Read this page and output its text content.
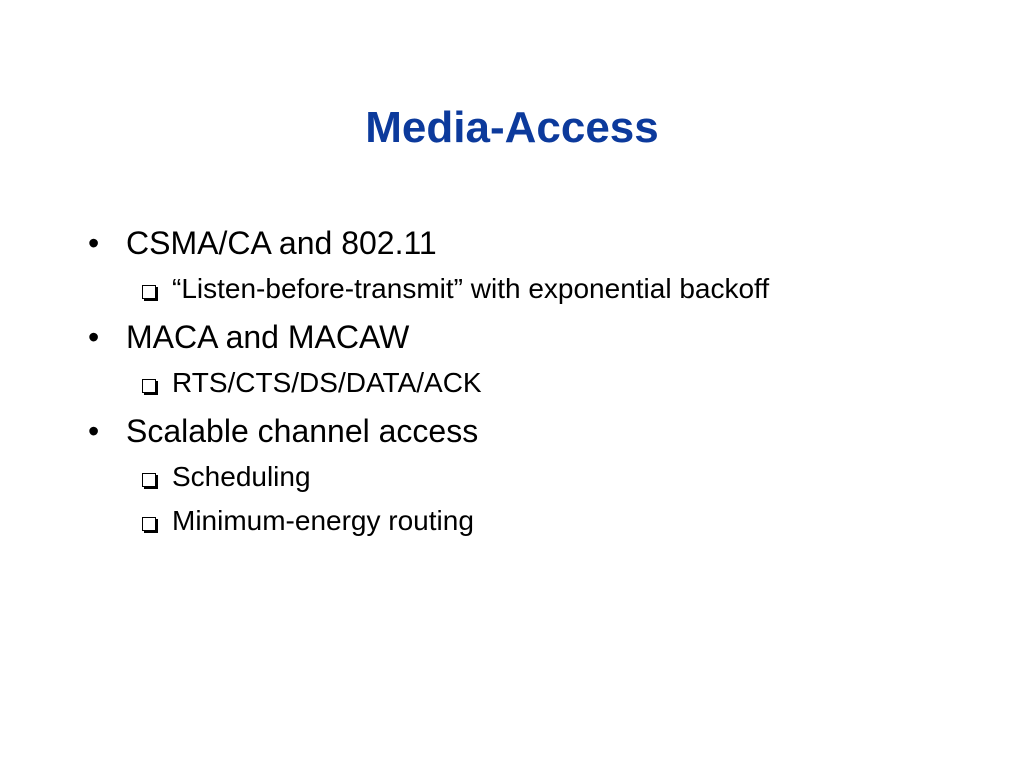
Media-Access
• CSMA/CA and 802.11
“Listen-before-transmit” with exponential backoff
• MACA and MACAW
RTS/CTS/DS/DATA/ACK
• Scalable channel access
Scheduling
Minimum-energy routing
